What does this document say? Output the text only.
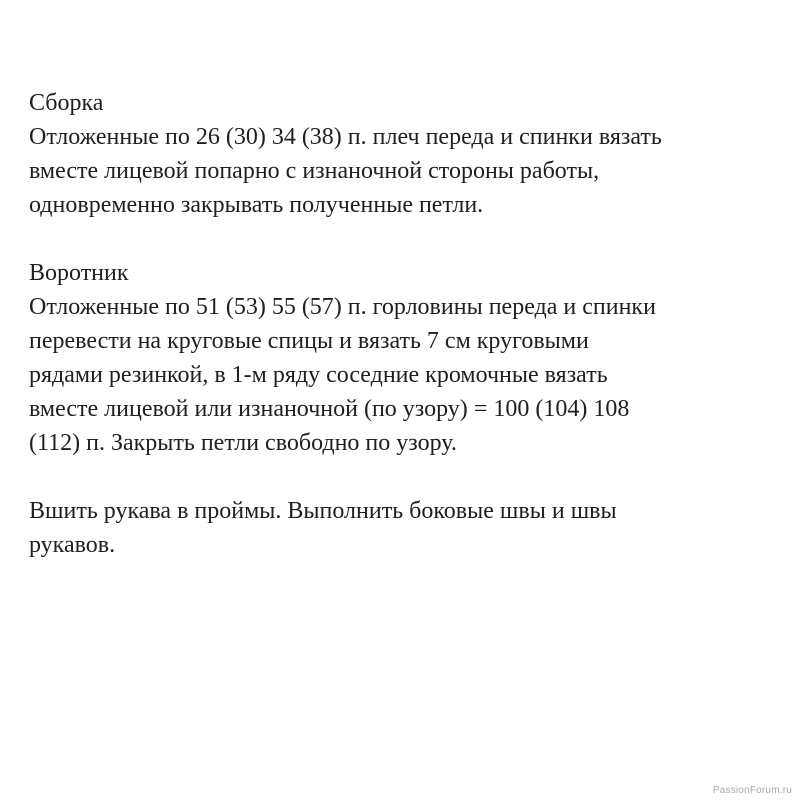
Сборка
Отложенные по 26 (30) 34 (38) п. плеч переда и спинки вязать
вместе лицевой попарно с изнаночной стороны работы,
одновременно закрывать полученные петли.
Воротник
Отложенные по 51 (53) 55 (57) п. горловины переда и спинки
перевести на круговые спицы и вязать 7 см круговыми
рядами резинкой, в 1-м ряду соседние кромочные вязать
вместе лицевой или изнаночной (по узору) = 100 (104) 108
(112) п. Закрыть петли свободно по узору.
Вшить рукава в проймы. Выполнить боковые швы и швы
рукавов.
PassionForum.ru
